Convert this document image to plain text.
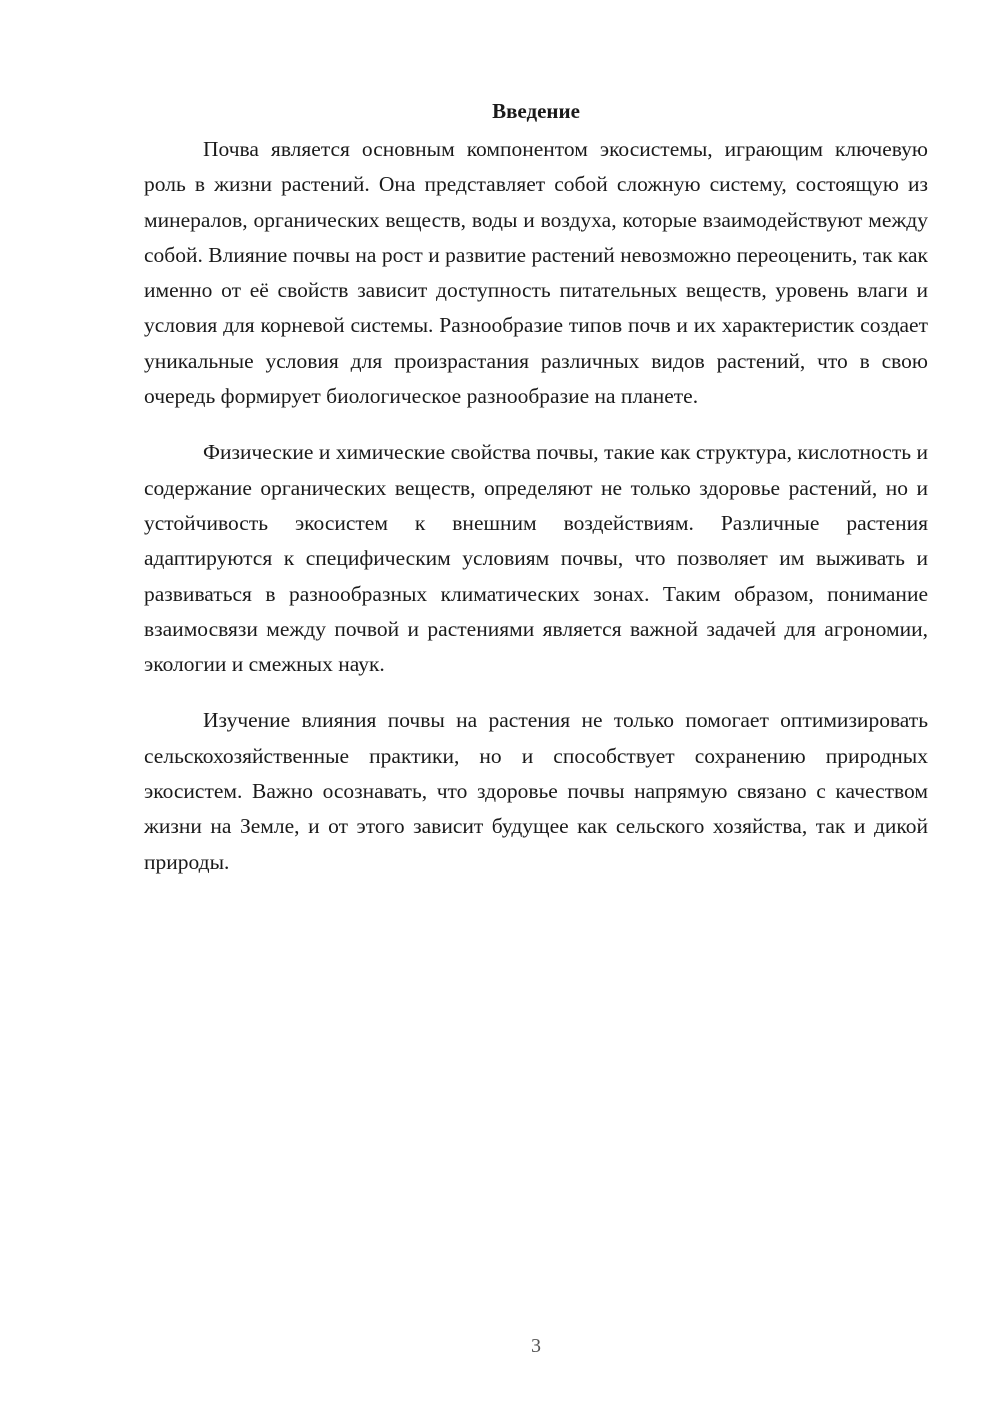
Введение

Почва является основным компонентом экосистемы, играющим ключевую роль в жизни растений. Она представляет собой сложную систему, состоящую из минералов, органических веществ, воды и воздуха, которые взаимодействуют между собой. Влияние почвы на рост и развитие растений невозможно переоценить, так как именно от её свойств зависит доступность питательных веществ, уровень влаги и условия для корневой системы. Разнообразие типов почв и их характеристик создает уникальные условия для произрастания различных видов растений, что в свою очередь формирует биологическое разнообразие на планете.

Физические и химические свойства почвы, такие как структура, кислотность и содержание органических веществ, определяют не только здоровье растений, но и устойчивость экосистем к внешним воздействиям. Различные растения адаптируются к специфическим условиям почвы, что позволяет им выживать и развиваться в разнообразных климатических зонах. Таким образом, понимание взаимосвязи между почвой и растениями является важной задачей для агрономии, экологии и смежных наук.

Изучение влияния почвы на растения не только помогает оптимизировать сельскохозяйственные практики, но и способствует сохранению природных экосистем. Важно осознавать, что здоровье почвы напрямую связано с качеством жизни на Земле, и от этого зависит будущее как сельского хозяйства, так и дикой природы.

3
